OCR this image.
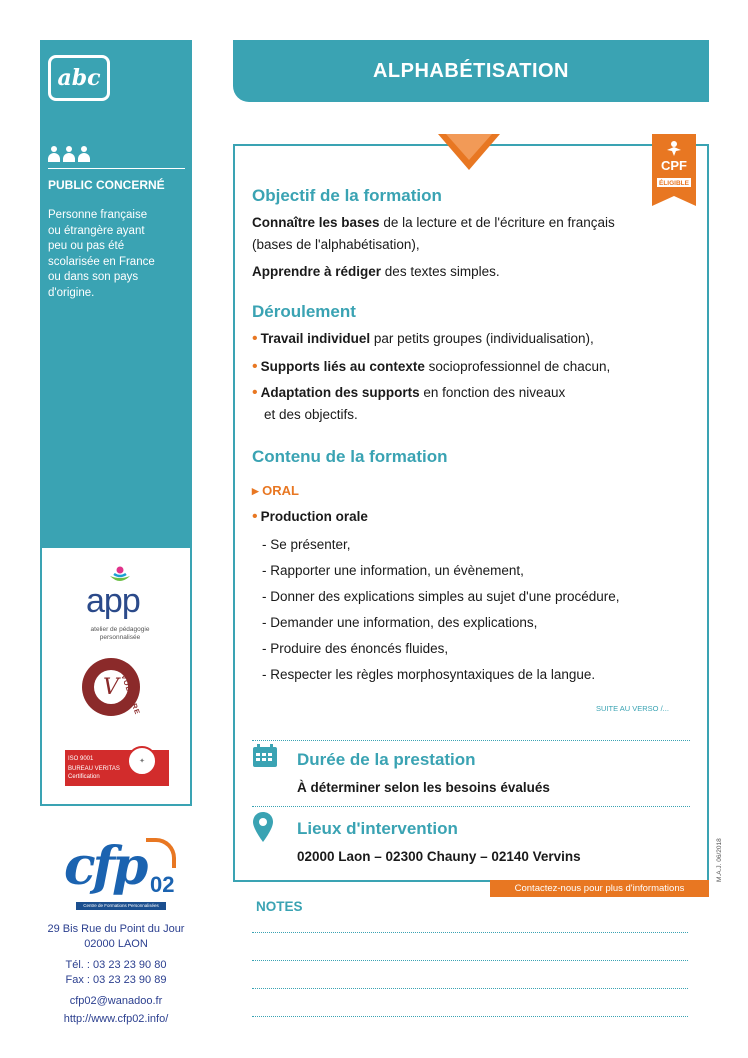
abc
PUBLIC CONCERNÉ
Personne française
ou étrangère ayant
peu ou pas été
scolarisée en France
ou dans son pays
d'origine.
app
atelier de pédagogie personnalisée
V VOLTAIRE
ISO 9001
BUREAU VERITAS
Certification
✦
cfp 02
Centre de Formations Personnalisées
29 Bis Rue du Point du Jour
02000 LAON
Tél. : 03 23 23 90 80
Fax : 03 23 23 90 89
cfp02@wanadoo.fr
http://www.cfp02.info/
ALPHABÉTISATION
CPF
ÉLIGIBLE
Objectif de la formation
Connaître les bases de la lecture et de l'écriture en français
(bases de l'alphabétisation),
Apprendre à rédiger des textes simples.
Déroulement
• Travail individuel par petits groupes (individualisation),
• Supports liés au contexte socioprofessionnel de chacun,
• Adaptation des supports en fonction des niveaux
et des objectifs.
Contenu de la formation
▸ ORAL
• Production orale
- Se présenter,
- Rapporter une information, un évènement,
- Donner des explications simples au sujet d'une procédure,
- Demander une information, des explications,
- Produire des énoncés fluides,
- Respecter les règles morphosyntaxiques de la langue.
SUITE AU VERSO /...
Durée de la prestation
À déterminer selon les besoins évalués
Lieux d'intervention
02000 Laon – 02300 Chauny – 02140 Vervins	M.A.J. 06/2018
Contactez-nous pour plus d'informations
NOTES
